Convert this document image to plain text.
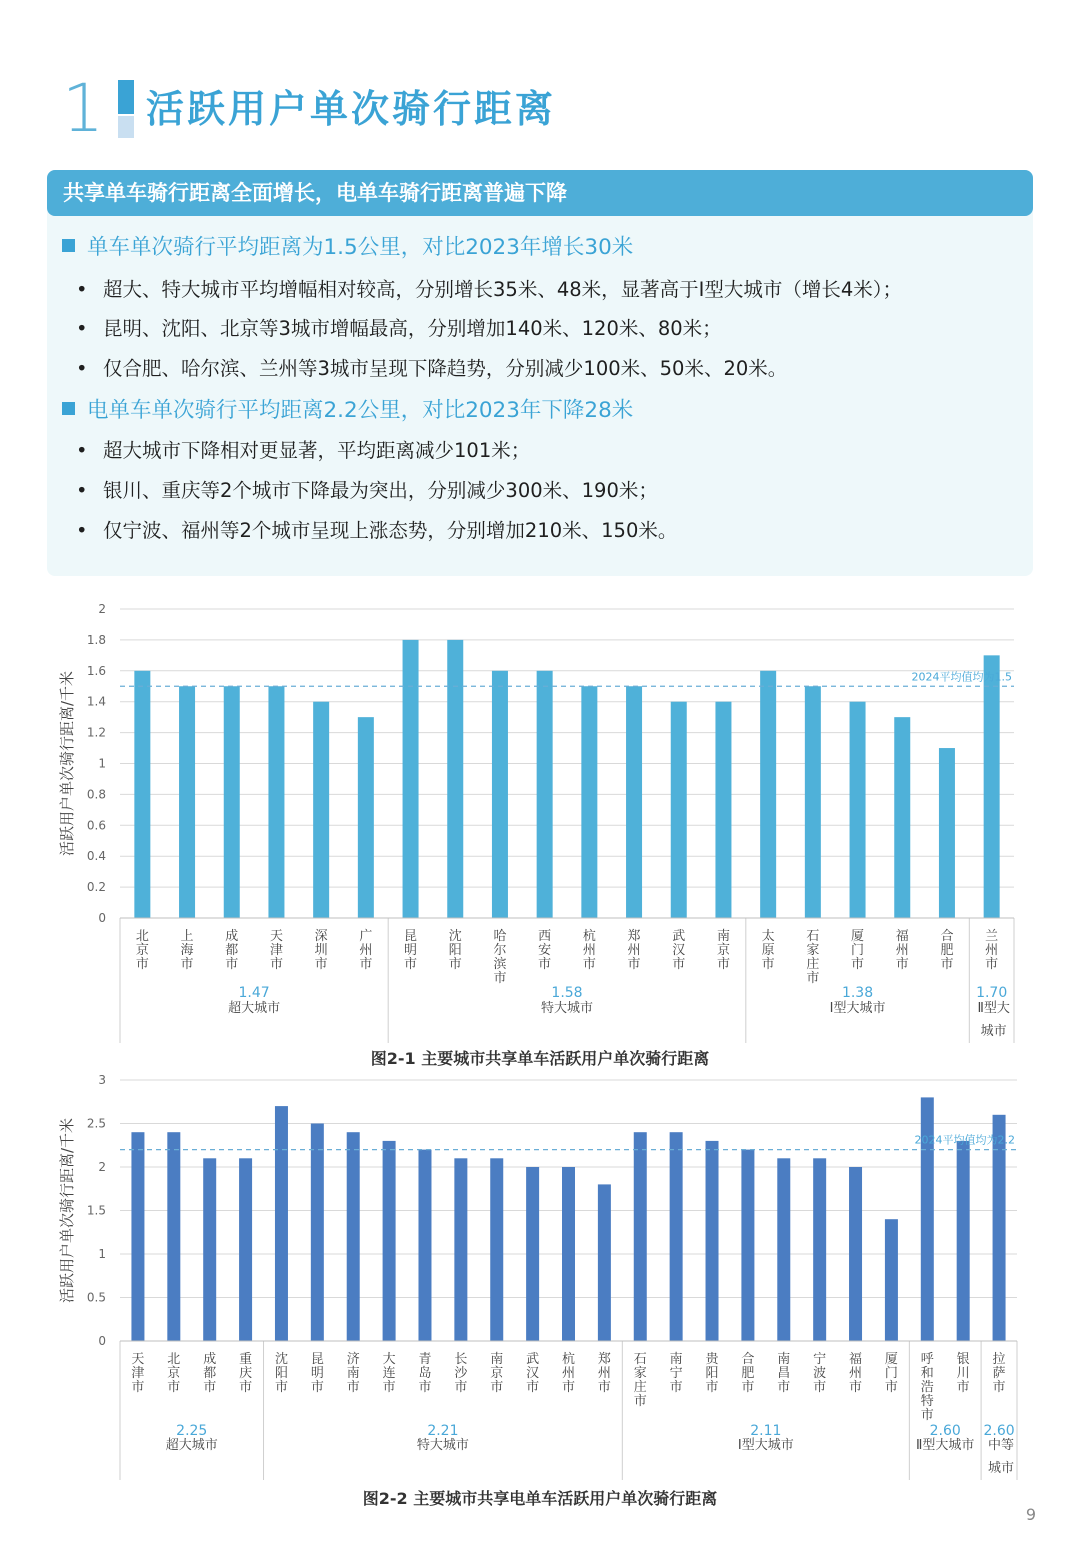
1 活跃用户单次骑行距离
共享单车骑行距离全面增长，电单车骑行距离普遍下降
单车单次骑行平均距离为1.5公里，对比2023年增长30米
• 超大、特大城市平均增幅相对较高，分别增长35米、48米，显著高于I型大城市（增长4米）；
• 昆明、沈阳、北京等3城市增幅最高，分别增加140米、120米、80米；
• 仅合肥、哈尔滨、兰州等3城市呈现下降趋势，分别减少100米、50米、20米。
电单车单次骑行平均距离2.2公里，对比2023年下降28米
• 超大城市下降相对更显著，平均距离减少101米；
• 银川、重庆等2个城市下降最为突出，分别减少300米、190米；
• 仅宁波、福州等2个城市呈现上涨态势，分别增加210米、150米。
0
0.2
0.4
0.6
0.8
1
1.2
1.4
1.6
1.8
2
活跃用户单次骑行距离/千米
北京市
上海市
成都市
天津市
深圳市
广州市
昆明市
沈阳市
哈尔滨市
西安市
杭州市
郑州市
武汉市
南京市
太原市
石家庄市
厦门市
福州市
合肥市
兰州市
2024平均值均为1.5
1.47
超大城市
1.58
特大城市
1.38
Ⅰ型大城市
1.70
Ⅱ型大城市
图2-1 主要城市共享单车活跃用户单次骑行距离
0
0.5
1
1.5
2
2.5
3
活跃用户单次骑行距离/千米
天津市
北京市
成都市
重庆市
沈阳市
昆明市
济南市
大连市
青岛市
长沙市
南京市
武汉市
杭州市
郑州市
石家庄市
南宁市
贵阳市
合肥市
南昌市
宁波市
福州市
厦门市
呼和浩特市
银川市
拉萨市
2024平均值均为2.2
2.25
超大城市
2.21
特大城市
2.11
Ⅰ型大城市
2.60
Ⅱ型大城市
2.60
中等城市
图2-2 主要城市共享电单车活跃用户单次骑行距离
9
